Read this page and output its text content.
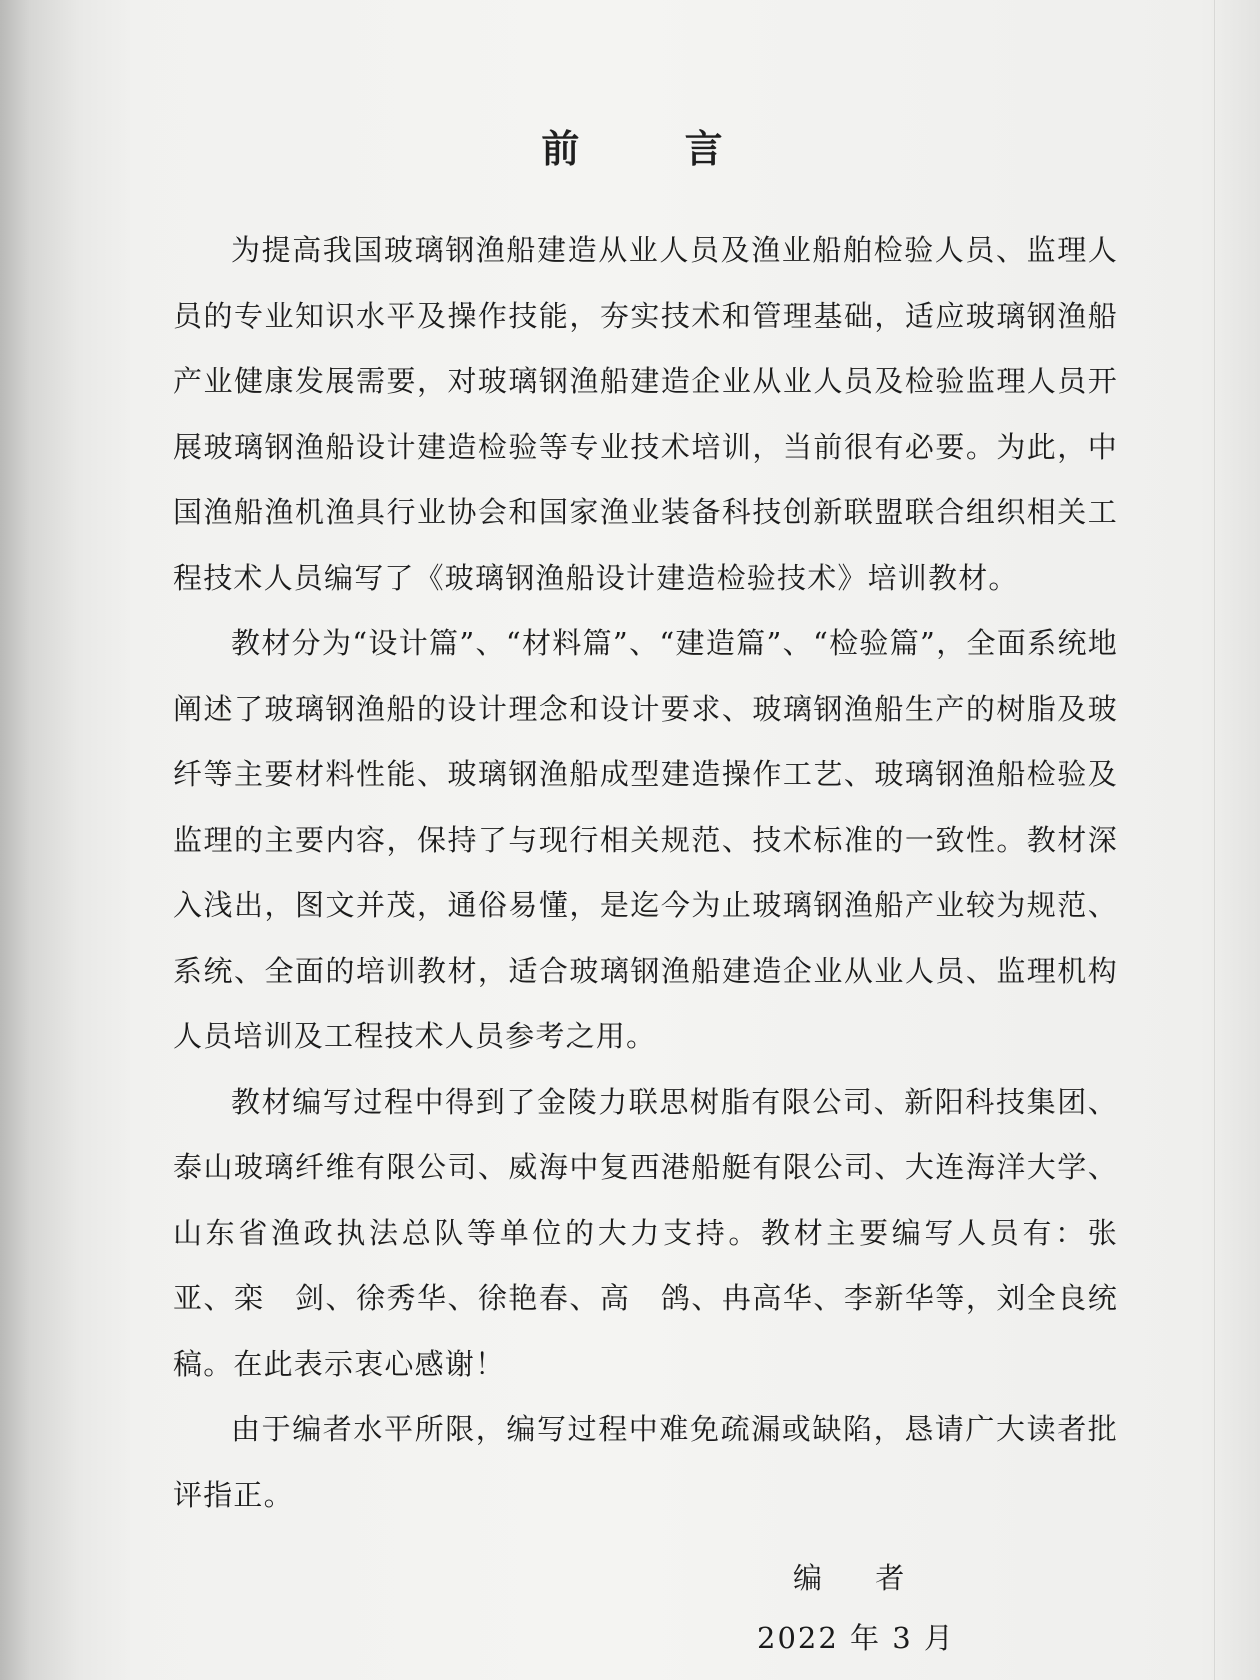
前 言

为提高我国玻璃钢渔船建造从业人员及渔业船舶检验人员、监理人员的专业知识水平及操作技能，夯实技术和管理基础，适应玻璃钢渔船产业健康发展需要，对玻璃钢渔船建造企业从业人员及检验监理人员开展玻璃钢渔船设计建造检验等专业技术培训，当前很有必要。为此，中国渔船渔机渔具行业协会和国家渔业装备科技创新联盟联合组织相关工程技术人员编写了《玻璃钢渔船设计建造检验技术》培训教材。

教材分为“设计篇”、“材料篇”、“建造篇”、“检验篇”，全面系统地阐述了玻璃钢渔船的设计理念和设计要求、玻璃钢渔船生产的树脂及玻纤等主要材料性能、玻璃钢渔船成型建造操作工艺、玻璃钢渔船检验及监理的主要内容，保持了与现行相关规范、技术标准的一致性。教材深入浅出，图文并茂，通俗易懂，是迄今为止玻璃钢渔船产业较为规范、系统、全面的培训教材，适合玻璃钢渔船建造企业从业人员、监理机构人员培训及工程技术人员参考之用。

教材编写过程中得到了金陵力联思树脂有限公司、新阳科技集团、泰山玻璃纤维有限公司、威海中复西港船艇有限公司、大连海洋大学、山东省渔政执法总队等单位的大力支持。教材主要编写人员有：张　亚、栾　剑、徐秀华、徐艳春、高　鸽、冉高华、李新华等，刘全良统稿。在此表示衷心感谢！

由于编者水平所限，编写过程中难免疏漏或缺陷，恳请广大读者批评指正。

编 者
2022 年 3 月
